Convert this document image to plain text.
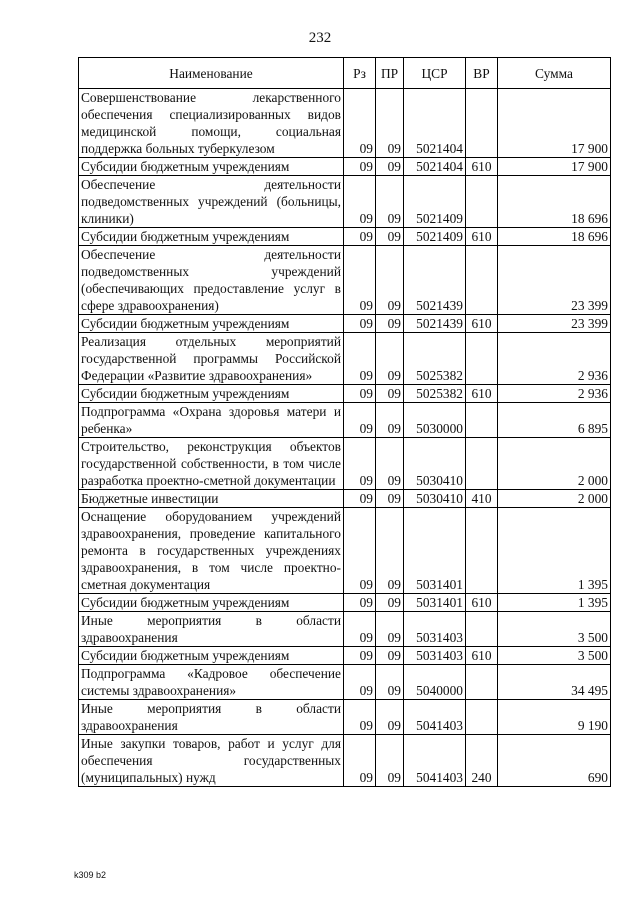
232
Наименование	Рз	ПР	ЦСР	ВР	Сумма
Совершенствование лекарственного обеспечения специализированных видов медицинской помощи, социальная поддержка больных туберкулезом	09	09	5021404		17 900
Субсидии бюджетным учреждениям	09	09	5021404	610	17 900
Обеспечение деятельности подведомственных учреждений (больницы, клиники)	09	09	5021409		18 696
Субсидии бюджетным учреждениям	09	09	5021409	610	18 696
Обеспечение деятельности подведомственных учреждений (обеспечивающих предоставление услуг в сфере здравоохранения)	09	09	5021439		23 399
Субсидии бюджетным учреждениям	09	09	5021439	610	23 399
Реализация отдельных мероприятий государственной программы Российской Федерации «Развитие здравоохранения»	09	09	5025382		2 936
Субсидии бюджетным учреждениям	09	09	5025382	610	2 936
Подпрограмма «Охрана здоровья матери и ребенка»	09	09	5030000		6 895
Строительство, реконструкция объектов государственной собственности, в том числе разработка проектно-сметной документации	09	09	5030410		2 000
Бюджетные инвестиции	09	09	5030410	410	2 000
Оснащение оборудованием учреждений здравоохранения, проведение капитального ремонта в государственных учреждениях здравоохранения, в том числе проектно-сметная документация	09	09	5031401		1 395
Субсидии бюджетным учреждениям	09	09	5031401	610	1 395
Иные мероприятия в области здравоохранения	09	09	5031403		3 500
Субсидии бюджетным учреждениям	09	09	5031403	610	3 500
Подпрограмма «Кадровое обеспечение системы здравоохранения»	09	09	5040000		34 495
Иные мероприятия в области здравоохранения	09	09	5041403		9 190
Иные закупки товаров, работ и услуг для обеспечения государственных (муниципальных) нужд	09	09	5041403	240	690
k309 b2
